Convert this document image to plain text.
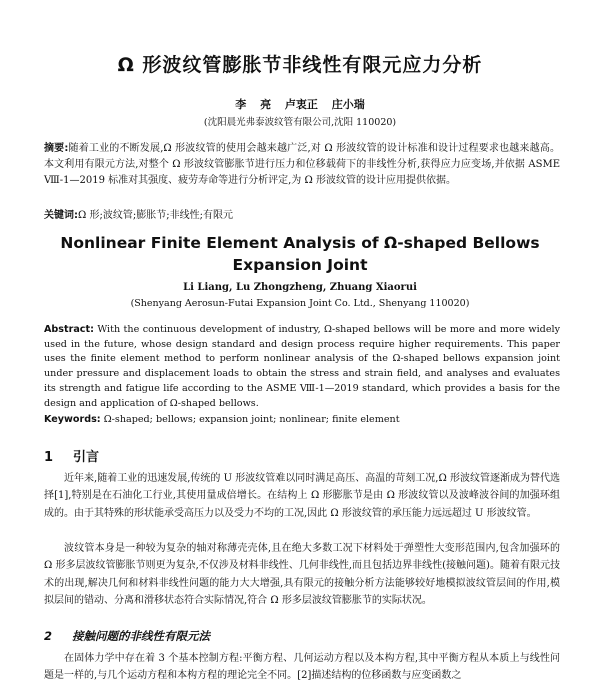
Ω 形波纹管膨胀节非线性有限元应力分析
李 亮 卢衷正 庄小瑞
(沈阳晨光弗泰波纹管有限公司,沈阳 110020)
摘要:随着工业的不断发展,Ω 形波纹管的使用会越来越广泛,对 Ω 形波纹管的设计标准和设计过程要求也越来越高。本文利用有限元方法,对整个 Ω 形波纹管膨胀节进行压力和位移载荷下的非线性分析,获得应力应变场,并依据 ASME Ⅷ-1—2019 标准对其强度、疲劳寿命等进行分析评定,为 Ω 形波纹管的设计应用提供依据。
关键词:Ω 形;波纹管;膨胀节;非线性;有限元
Nonlinear Finite Element Analysis of Ω-shaped Bellows Expansion Joint
Li Liang, Lu Zhongzheng, Zhuang Xiaorui
(Shenyang Aerosun-Futai Expansion Joint Co. Ltd., Shenyang 110020)
Abstract: With the continuous development of industry, Ω-shaped bellows will be more and more widely used in the future, whose design standard and design process require higher requirements. This paper uses the finite element method to perform nonlinear analysis of the Ω-shaped bellows expansion joint under pressure and displacement loads to obtain the stress and strain field, and analyses and evaluates its strength and fatigue life according to the ASME Ⅷ-1—2019 standard, which provides a basis for the design and application of Ω-shaped bellows.
Keywords: Ω-shaped; bellows; expansion joint; nonlinear; finite element
1 引言
近年来,随着工业的迅速发展,传统的 U 形波纹管难以同时满足高压、高温的苛刻工况,Ω 形波纹管逐渐成为替代选择[1],特别是在石油化工行业,其使用量成倍增长。在结构上 Ω 形膨胀节是由 Ω 形波纹管以及波峰波谷间的加强环组成的。由于其特殊的形状能承受高压力以及受力不均的工况,因此 Ω 形波纹管的承压能力远远超过 U 形波纹管。
波纹管本身是一种较为复杂的轴对称薄壳壳体,且在绝大多数工况下材料处于弹塑性大变形范围内,包含加强环的 Ω 形多层波纹管膨胀节则更为复杂,不仅涉及材料非线性、几何非线性,而且包括边界非线性(接触问题)。随着有限元技术的出现,解决几何和材料非线性问题的能力大大增强,具有限元的接触分析方法能够较好地模拟波纹管层间的作用,模拟层间的错动、分离和滑移状态符合实际情况,符合 Ω 形多层波纹管膨胀节的实际状况。
2 接触问题的非线性有限元法
在固体力学中存在着 3 个基本控制方程:平衡方程、几何运动方程以及本构方程,其中平衡方程从本质上与线性问题是一样的,与几个运动方程和本构方程的理论完全不同。[2]描述结构的位移函数与应变函数之
